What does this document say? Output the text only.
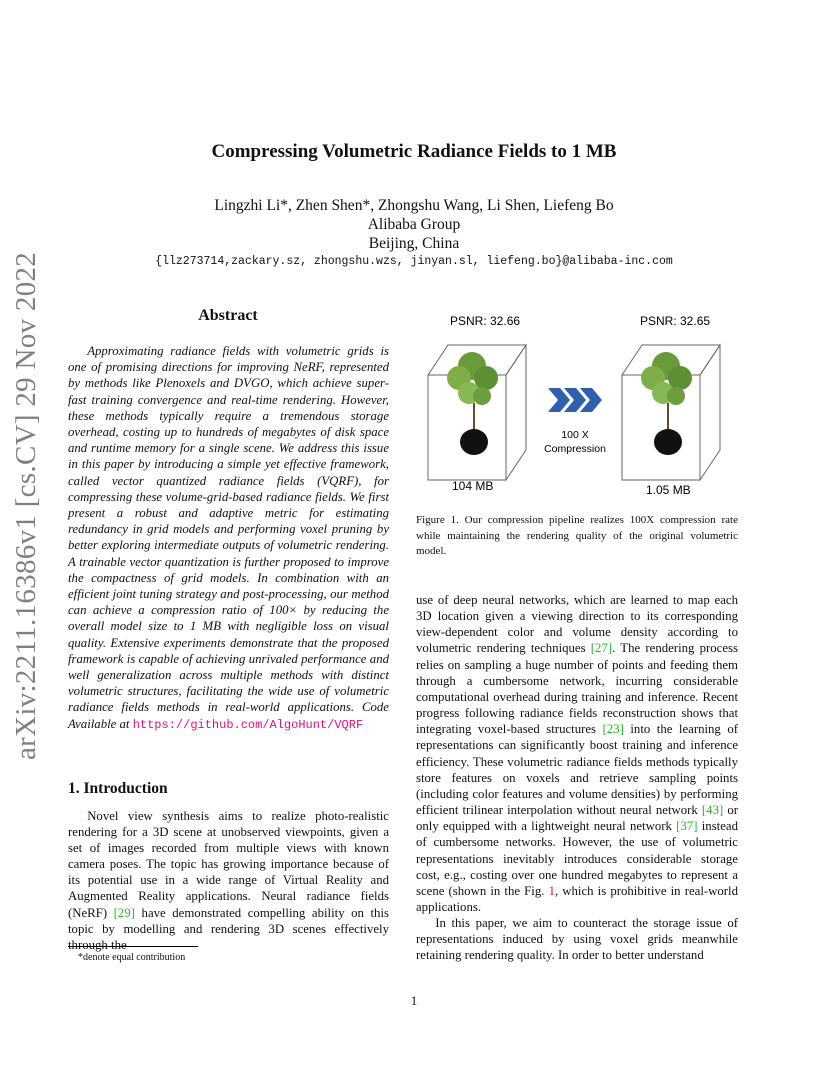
arXiv:2211.16386v1 [cs.CV] 29 Nov 2022
Compressing Volumetric Radiance Fields to 1 MB
Lingzhi Li*, Zhen Shen*, Zhongshu Wang, Li Shen, Liefeng Bo
Alibaba Group
Beijing, China
{llz273714,zackary.sz, zhongshu.wzs, jinyan.sl, liefeng.bo}@alibaba-inc.com
Abstract
Approximating radiance fields with volumetric grids is one of promising directions for improving NeRF, represented by methods like Plenoxels and DVGO, which achieve super-fast training convergence and real-time rendering. However, these methods typically require a tremendous storage overhead, costing up to hundreds of megabytes of disk space and runtime memory for a single scene. We address this issue in this paper by introducing a simple yet effective framework, called vector quantized radiance fields (VQRF), for compressing these volume-grid-based radiance fields. We first present a robust and adaptive metric for estimating redundancy in grid models and performing voxel pruning by better exploring intermediate outputs of volumetric rendering. A trainable vector quantization is further proposed to improve the compactness of grid models. In combination with an efficient joint tuning strategy and post-processing, our method can achieve a compression ratio of 100× by reducing the overall model size to 1 MB with negligible loss on visual quality. Extensive experiments demonstrate that the proposed framework is capable of achieving unrivaled performance and well generalization across multiple methods with distinct volumetric structures, facilitating the wide use of volumetric radiance fields methods in real-world applications. Code Available at https://github.com/AlgoHunt/VQRF
1. Introduction
Novel view synthesis aims to realize photo-realistic rendering for a 3D scene at unobserved viewpoints, given a set of images recorded from multiple views with known camera poses. The topic has growing importance because of its potential use in a wide range of Virtual Reality and Augmented Reality applications. Neural radiance fields (NeRF) [29] have demonstrated compelling ability on this topic by modelling and rendering 3D scenes effectively through the
*denote equal contribution
PSNR: 32.66	PSNR: 32.65
104 MB
100 X
Compression
1.05 MB
Figure 1. Our compression pipeline realizes 100X compression rate while maintaining the rendering quality of the original volumetric model.

use of deep neural networks, which are learned to map each 3D location given a viewing direction to its corresponding view-dependent color and volume density according to volumetric rendering techniques [27]. The rendering process relies on sampling a huge number of points and feeding them through a cumbersome network, incurring considerable computational overhead during training and inference. Recent progress following radiance fields reconstruction shows that integrating voxel-based structures [23] into the learning of representations can significantly boost training and inference efficiency. These volumetric radiance fields methods typically store features on voxels and retrieve sampling points (including color features and volume densities) by performing efficient trilinear interpolation without neural network [43] or only equipped with a lightweight neural network [37] instead of cumbersome networks. However, the use of volumetric representations inevitably introduces considerable storage cost, e.g., costing over one hundred megabytes to represent a scene (shown in the Fig. 1, which is prohibitive in real-world applications.

In this paper, we aim to counteract the storage issue of representations induced by using voxel grids meanwhile retaining rendering quality. In order to better understand

1
